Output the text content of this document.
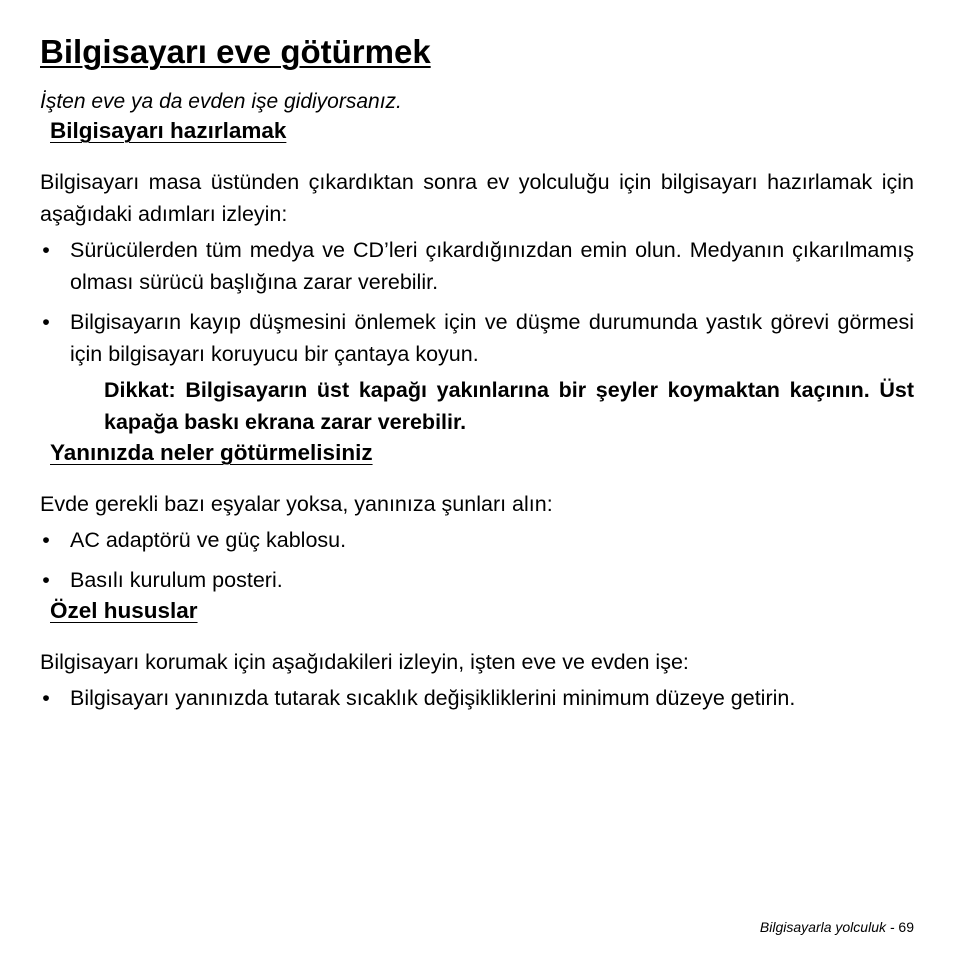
Bilgisayarı eve götürmek

İşten eve ya da evden işe gidiyorsanız.

Bilgisayarı hazırlamak

Bilgisayarı masa üstünden çıkardıktan sonra ev yolculuğu için bilgisayarı hazırlamak için aşağıdaki adımları izleyin:

• Sürücülerden tüm medya ve CD’leri çıkardığınızdan emin olun. Medyanın çıkarılmamış olması sürücü başlığına zarar verebilir.
• Bilgisayarın kayıp düşmesini önlemek için ve düşme durumunda yastık görevi görmesi için bilgisayarı koruyucu bir çantaya koyun.

Dikkat: Bilgisayarın üst kapağı yakınlarına bir şeyler koymaktan kaçının. Üst kapağa baskı ekrana zarar verebilir.

Yanınızda neler götürmelisiniz

Evde gerekli bazı eşyalar yoksa, yanınıza şunları alın:

• AC adaptörü ve güç kablosu.
• Basılı kurulum posteri.
Özel hususlar

Bilgisayarı korumak için aşağıdakileri izleyin, işten eve ve evden işe:

• Bilgisayarı yanınızda tutarak sıcaklık değişikliklerini minimum düzeye getirin.
Bilgisayarla yolculuk - 69
